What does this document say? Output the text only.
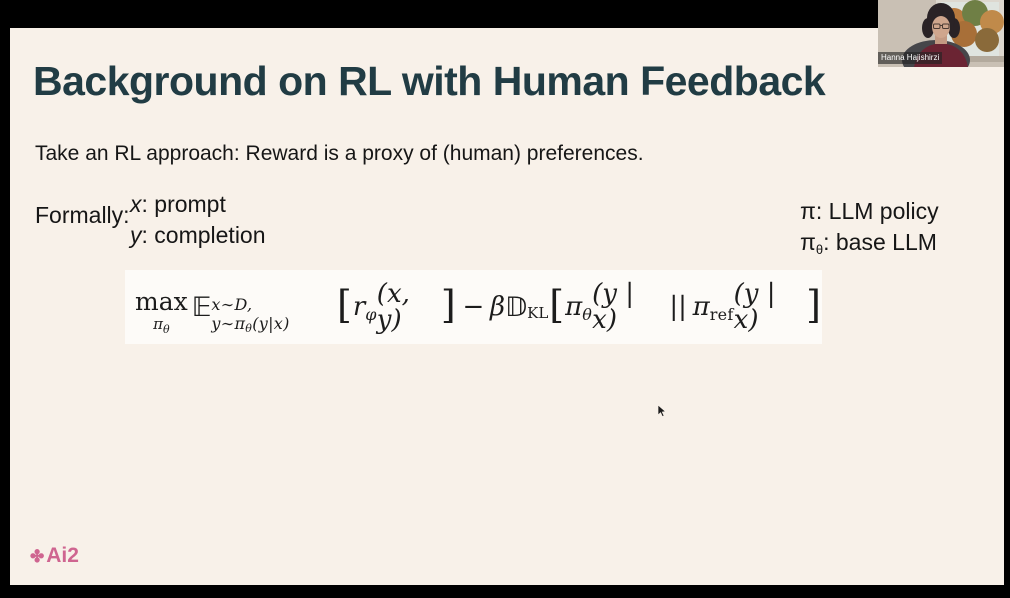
Background on RL with Human Feedback
Take an RL approach: Reward is a proxy of (human) preferences.
Formally: x: prompt
y: completion
π: LLM policy
πθ: base LLM
max
$\pi_\theta$
𝔼 x∼D, y∼πθ(y|x)	[ r φ
(x, y)	] − β 𝔻 KL [ π θ
(y | x)	|| π ref
(y | x)	]
✤ Ai2
Hanna Hajishirzi
